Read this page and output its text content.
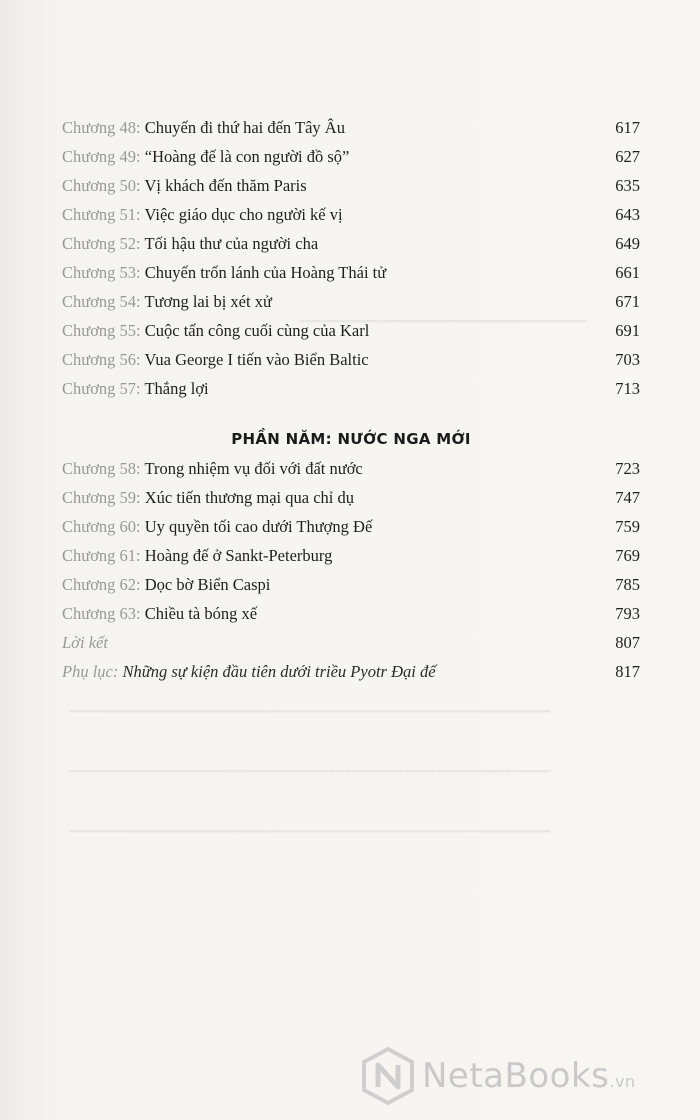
Chương 48: Chuyến đi thứ hai đến Tây Âu	617
Chương 49: “Hoàng đế là con người đồ sộ”	627
Chương 50: Vị khách đến thăm Paris	635
Chương 51: Việc giáo dục cho người kế vị	643
Chương 52: Tối hậu thư của người cha	649
Chương 53: Chuyến trốn lánh của Hoàng Thái tử	661
Chương 54: Tương lai bị xét xử	671
Chương 55: Cuộc tấn công cuối cùng của Karl	691
Chương 56: Vua George I tiến vào Biển Baltic	703
Chương 57: Thắng lợi	713
Chương 58: Trong nhiệm vụ đối với đất nước	723
Chương 59: Xúc tiến thương mại qua chỉ dụ	747
Chương 60: Uy quyền tối cao dưới Thượng Đế	759
Chương 61: Hoàng đế ở Sankt-Peterburg	769
Chương 62: Dọc bờ Biển Caspi	785
Chương 63: Chiều tà bóng xế	793
Lời kết	807
Phụ lục: Những sự kiện đầu tiên dưới triều Pyotr Đại đế	817
PHẦN NĂM: NƯỚC NGA MỚI
NetaBooks.vn
